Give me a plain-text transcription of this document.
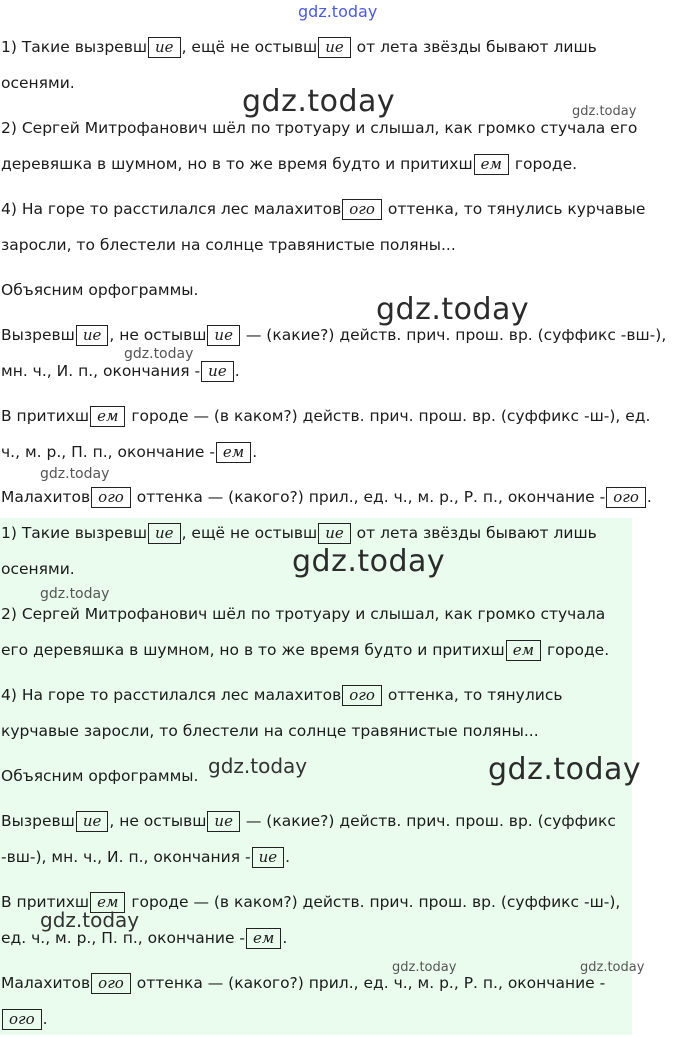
gdz.today
gdz.today	gdz.today
gdz.today
gdz.today
gdz.today
1) Такие вызревш ие , ещё не остывш ие от лета звёзды бывают лишь
осенями.
2) Сергей Митрофанович шёл по тротуару и слышал, как громко стучала его
деревяшка в шумном, но в то же время будто и притихш ем городе.
4) На горе то расстилался лес малахитов ого оттенка, то тянулись курчавые
заросли, то блестели на солнце травянистые поляны...
Объясним орфограммы.
Вызревш ие , не остывш ие — (какие?) действ. прич. прош. вр. (суффикс -вш-),
мн. ч., И. п., окончания - ие .
В притихш ем городе — (в каком?) действ. прич. прош. вр. (суффикс -ш-), ед.
ч., м. р., П. п., окончание - ем .
Малахитов ого оттенка — (какого?) прил., ед. ч., м. р., Р. п., окончание - ого .
1) Такие вызревш ие , ещё не остывш ие от лета звёзды бывают лишь
осенями.
2) Сергей Митрофанович шёл по тротуару и слышал, как громко стучала
его деревяшка в шумном, но в то же время будто и притихш ем городе.
4) На горе то расстилался лес малахитов ого оттенка, то тянулись
курчавые заросли, то блестели на солнце травянистые поляны...
Объясним орфограммы.
Вызревш ие , не остывш ие — (какие?) действ. прич. прош. вр. (суффикс
-вш-), мн. ч., И. п., окончания - ие .
В притихш ем городе — (в каком?) действ. прич. прош. вр. (суффикс -ш-),
ед. ч., м. р., П. п., окончание - ем .
Малахитов ого оттенка — (какого?) прил., ед. ч., м. р., Р. п., окончание -
ого .
gdz.today
gdz.today
gdz.today	gdz.today
gdz.today
gdz.today	gdz.today
